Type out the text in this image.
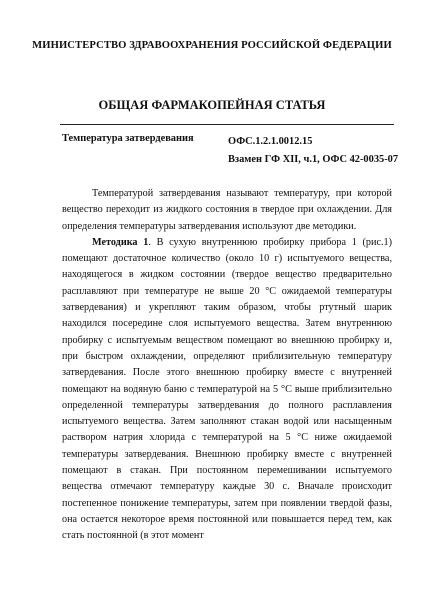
МИНИСТЕРСТВО ЗДРАВООХРАНЕНИЯ РОССИЙСКОЙ ФЕДЕРАЦИИ
ОБЩАЯ ФАРМАКОПЕЙНАЯ СТАТЬЯ
Температура затвердевания	ОФС.1.2.1.0012.15
Взамен ГФ XII, ч.1, ОФС 42-0035-07

Температурой затвердевания называют температуру, при которой вещество переходит из жидкого состояния в твердое при охлаждении. Для определения температуры затвердевания используют две методики.

Методика 1. В сухую внутреннюю пробирку прибора 1 (рис.1) помещают достаточное количество (около 10 г) испытуемого вещества, находящегося в жидком состоянии (твердое вещество предварительно расплавляют при температуре не выше 20 °С ожидаемой температуры затвердевания) и укрепляют таким образом, чтобы ртутный шарик находился посередине слоя испытуемого вещества. Затем внутреннюю пробирку с испытуемым веществом помещают во внешнюю пробирку и, при быстром охлаждении, определяют приблизительную температуру затвердевания. После этого внешнюю пробирку вместе с внутренней помещают на водяную баню с температурой на 5 °С выше приблизительно определенной температуры затвердевания до полного расплавления испытуемого вещества. Затем заполняют стакан водой или насыщенным раствором натрия хлорида с температурой на 5 °С ниже ожидаемой температуры затвердевания. Внешнюю пробирку вместе с внутренней помещают в стакан. При постоянном перемешивании испытуемого вещества отмечают температуру каждые 30 с. Вначале происходит постепенное понижение температуры, затем при появлении твердой фазы, она остается некоторое время постоянной или повышается перед тем, как стать постоянной (в этот момент
